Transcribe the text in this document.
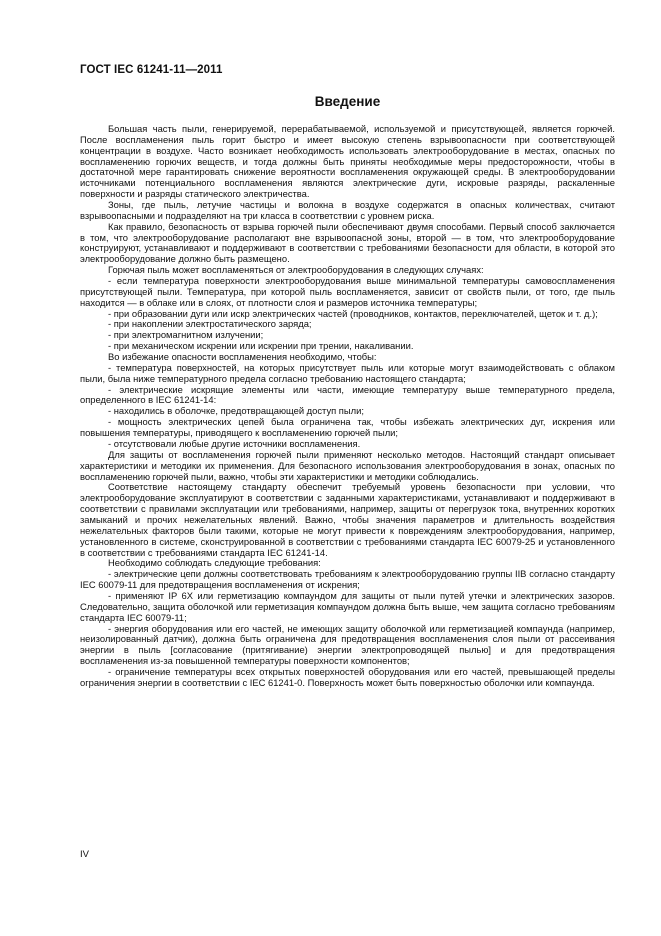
ГОСТ IEC 61241-11—2011
Введение

Большая часть пыли, генерируемой, перерабатываемой, используемой и присутствующей, является горючей. После воспламенения пыль горит быстро и имеет высокую степень взрывоопасности при соответствующей концентрации в воздухе. Часто возникает необходимость использовать электрооборудование в местах, опасных по воспламенению горючих веществ, и тогда должны быть приняты необходимые меры предосторожности, чтобы в достаточной мере гарантировать снижение вероятности воспламенения окружающей среды. В электрооборудовании источниками потенциального воспламенения являются электрические дуги, искровые разряды, раскаленные поверхности и разряды статического электричества.

Зоны, где пыль, летучие частицы и волокна в воздухе содержатся в опасных количествах, считают взрывоопасными и подразделяют на три класса в соответствии с уровнем риска.

Как правило, безопасность от взрыва горючей пыли обеспечивают двумя способами. Первый способ заключается в том, что электрооборудование располагают вне взрывоопасной зоны, второй — в том, что электрооборудование конструируют, устанавливают и поддерживают в соответствии с требованиями безопасности для области, в которой это электрооборудование должно быть размещено.

Горючая пыль может воспламеняться от электрооборудования в следующих случаях:

- если температура поверхности электрооборудования выше минимальной температуры самовоспламенения присутствующей пыли. Температура, при которой пыль воспламеняется, зависит от свойств пыли, от того, где пыль находится — в облаке или в слоях, от плотности слоя и размеров источника температуры;

- при образовании дуги или искр электрических частей (проводников, контактов, переключателей, щеток и т. д.);

- при накоплении электростатического заряда;

- при электромагнитном излучении;

- при механическом искрении или искрении при трении, накаливании.

Во избежание опасности воспламенения необходимо, чтобы:

- температура поверхностей, на которых присутствует пыль или которые могут взаимодействовать с облаком пыли, была ниже температурного предела согласно требованию настоящего стандарта;

- электрические искрящие элементы или части, имеющие температуру выше температурного предела, определенного в IEC 61241-14:

- находились в оболочке, предотвращающей доступ пыли;

- мощность электрических цепей была ограничена так, чтобы избежать электрических дуг, искрения или повышения температуры, приводящего к воспламенению горючей пыли;

- отсутствовали любые другие источники воспламенения.

Для защиты от воспламенения горючей пыли применяют несколько методов. Настоящий стандарт описывает характеристики и методики их применения. Для безопасного использования электрооборудования в зонах, опасных по воспламенению горючей пыли, важно, чтобы эти характеристики и методики соблюдались.

Соответствие настоящему стандарту обеспечит требуемый уровень безопасности при условии, что электрооборудование эксплуатируют в соответствии с заданными характеристиками, устанавливают и поддерживают в соответствии с правилами эксплуатации или требованиями, например, защиты от перегрузок тока, внутренних коротких замыканий и прочих нежелательных явлений. Важно, чтобы значения параметров и длительность воздействия нежелательных факторов были такими, которые не могут привести к повреждениям электрооборудования, например, установленного в системе, сконструированной в соответствии с требованиями стандарта IEC 60079-25 и установленного в соответствии с требованиями стандарта IEC 61241-14.

Необходимо соблюдать следующие требования:

- электрические цепи должны соответствовать требованиям к электрооборудованию группы IIB согласно стандарту IEC 60079-11 для предотвращения воспламенения от искрения;

- применяют IP 6X или герметизацию компаундом для защиты от пыли путей утечки и электрических зазоров. Следовательно, защита оболочкой или герметизация компаундом должна быть выше, чем защита согласно требованиям стандарта IEC 60079-11;

- энергия оборудования или его частей, не имеющих защиту оболочкой или герметизацией компаунда (например, неизолированный датчик), должна быть ограничена для предотвращения воспламенения слоя пыли от рассеивания энергии в пыль [согласование (притягивание) энергии электропроводящей пылью] и для предотвращения воспламенения из-за повышенной температуры поверхности компонентов;

- ограничение температуры всех открытых поверхностей оборудования или его частей, превышающей пределы ограничения энергии в соответствии с IEC 61241-0. Поверхность может быть поверхностью оболочки или компаунда.

IV
